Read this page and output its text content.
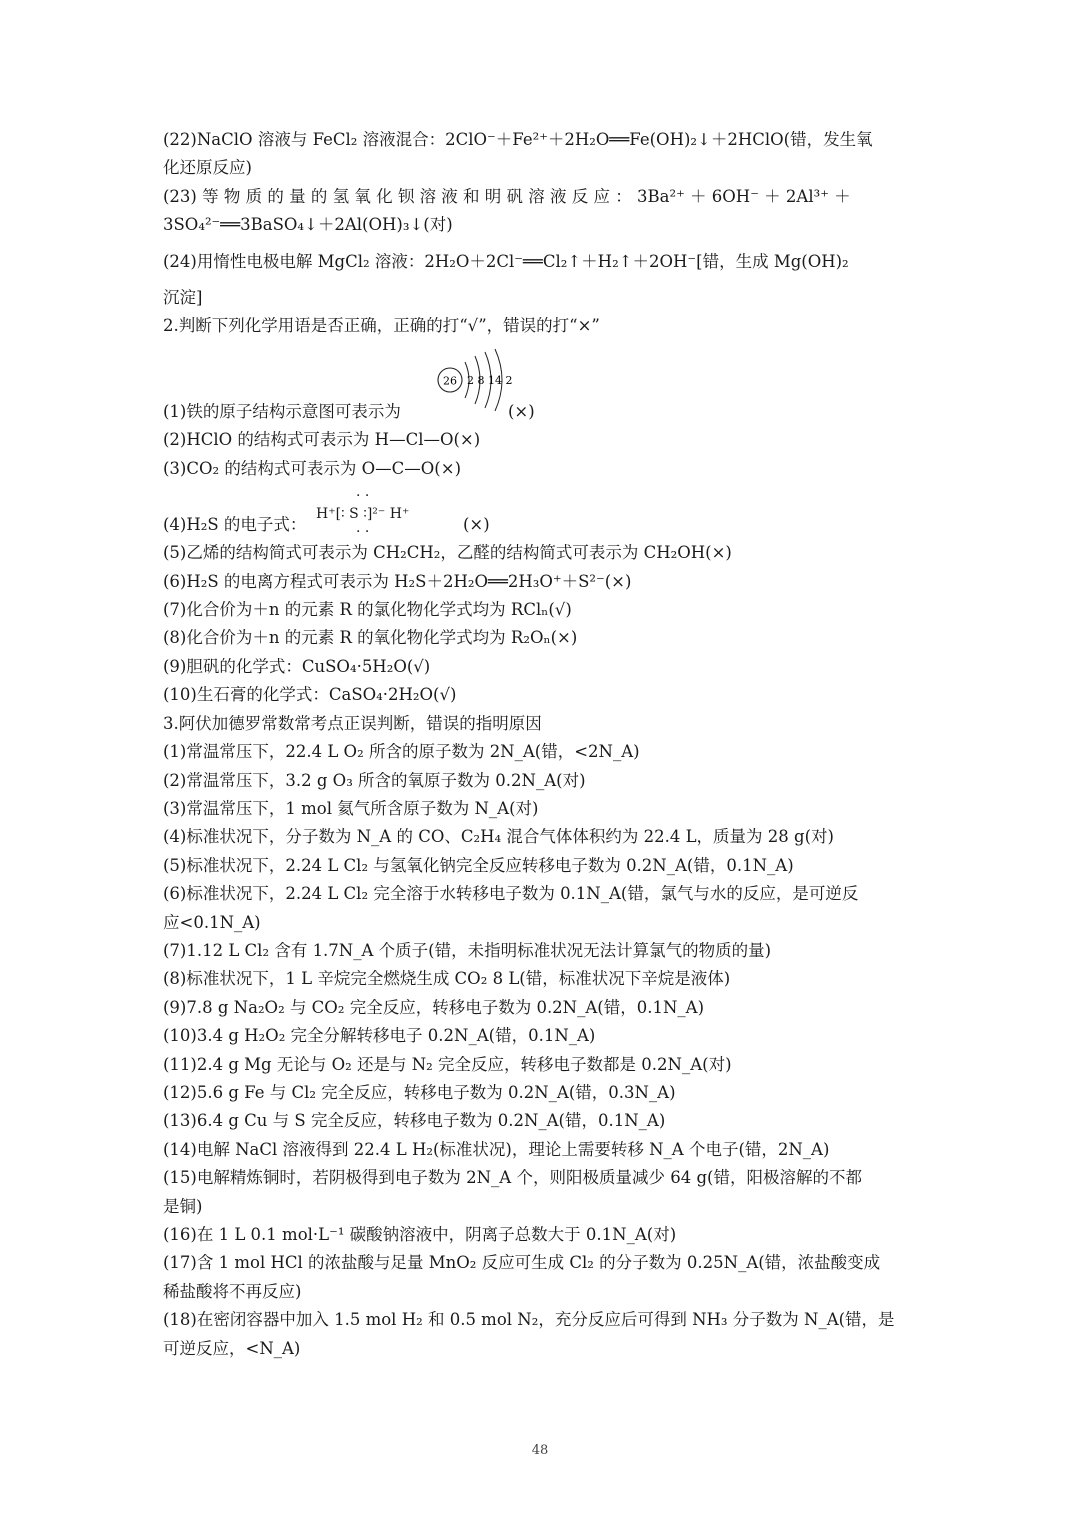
(22)NaClO 溶液与 FeCl₂ 溶液混合：2ClO⁻＋Fe²⁺＋2H₂O══Fe(OH)₂↓＋2HClO(错，发生氧
化还原反应)
(23) 等 物 质 的 量 的 氢 氧 化 钡 溶 液 和 明 矾 溶 液 反 应 ： 3Ba²⁺ ＋ 6OH⁻ ＋ 2Al³⁺ ＋
3SO₄²⁻══3BaSO₄↓＋2Al(OH)₃↓(对)
(24)用惰性电极电解 MgCl₂ 溶液：2H₂O＋2Cl⁻══Cl₂↑＋H₂↑＋2OH⁻[错，生成 Mg(OH)₂
沉淀]
2.判断下列化学用语是否正确，正确的打“√”，错误的打“×”
26 2 8 14 2
(1)铁的原子结构示意图可表示为	(×)
(2)HClO 的结构式可表示为 H—Cl—O(×)
(3)CO₂ 的结构式可表示为 O—C—O(×)
(4)H₂S 的电子式：
· ·
H⁺[∶ S ∶]²⁻ H⁺
· ·	(×)
(5)乙烯的结构简式可表示为 CH₂CH₂，乙醛的结构简式可表示为 CH₂OH(×)
(6)H₂S 的电离方程式可表示为 H₂S＋2H₂O══2H₃O⁺＋S²⁻(×)
(7)化合价为＋n 的元素 R 的氯化物化学式均为 RClₙ(√)
(8)化合价为＋n 的元素 R 的氧化物化学式均为 R₂Oₙ(×)
(9)胆矾的化学式：CuSO₄·5H₂O(√)
(10)生石膏的化学式：CaSO₄·2H₂O(√)
3.阿伏加德罗常数常考点正误判断，错误的指明原因
(1)常温常压下，22.4 L O₂ 所含的原子数为 2N_A(错，<2N_A)
(2)常温常压下，3.2 g O₃ 所含的氧原子数为 0.2N_A(对)
(3)常温常压下，1 mol 氦气所含原子数为 N_A(对)
(4)标准状况下，分子数为 N_A 的 CO、C₂H₄ 混合气体体积约为 22.4 L，质量为 28 g(对)
(5)标准状况下，2.24 L Cl₂ 与氢氧化钠完全反应转移电子数为 0.2N_A(错，0.1N_A)
(6)标准状况下，2.24 L Cl₂ 完全溶于水转移电子数为 0.1N_A(错，氯气与水的反应，是可逆反
应<0.1N_A)
(7)1.12 L Cl₂ 含有 1.7N_A 个质子(错，未指明标准状况无法计算氯气的物质的量)
(8)标准状况下，1 L 辛烷完全燃烧生成 CO₂ 8 L(错，标准状况下辛烷是液体)
(9)7.8 g Na₂O₂ 与 CO₂ 完全反应，转移电子数为 0.2N_A(错，0.1N_A)
(10)3.4 g H₂O₂ 完全分解转移电子 0.2N_A(错，0.1N_A)
(11)2.4 g Mg 无论与 O₂ 还是与 N₂ 完全反应，转移电子数都是 0.2N_A(对)
(12)5.6 g Fe 与 Cl₂ 完全反应，转移电子数为 0.2N_A(错，0.3N_A)
(13)6.4 g Cu 与 S 完全反应，转移电子数为 0.2N_A(错，0.1N_A)
(14)电解 NaCl 溶液得到 22.4 L H₂(标准状况)，理论上需要转移 N_A 个电子(错，2N_A)
(15)电解精炼铜时，若阴极得到电子数为 2N_A 个，则阳极质量减少 64 g(错，阳极溶解的不都
是铜)
(16)在 1 L 0.1 mol·L⁻¹ 碳酸钠溶液中，阴离子总数大于 0.1N_A(对)
(17)含 1 mol HCl 的浓盐酸与足量 MnO₂ 反应可生成 Cl₂ 的分子数为 0.25N_A(错，浓盐酸变成
稀盐酸将不再反应)
(18)在密闭容器中加入 1.5 mol H₂ 和 0.5 mol N₂，充分反应后可得到 NH₃ 分子数为 N_A(错，是
可逆反应，<N_A)
48
